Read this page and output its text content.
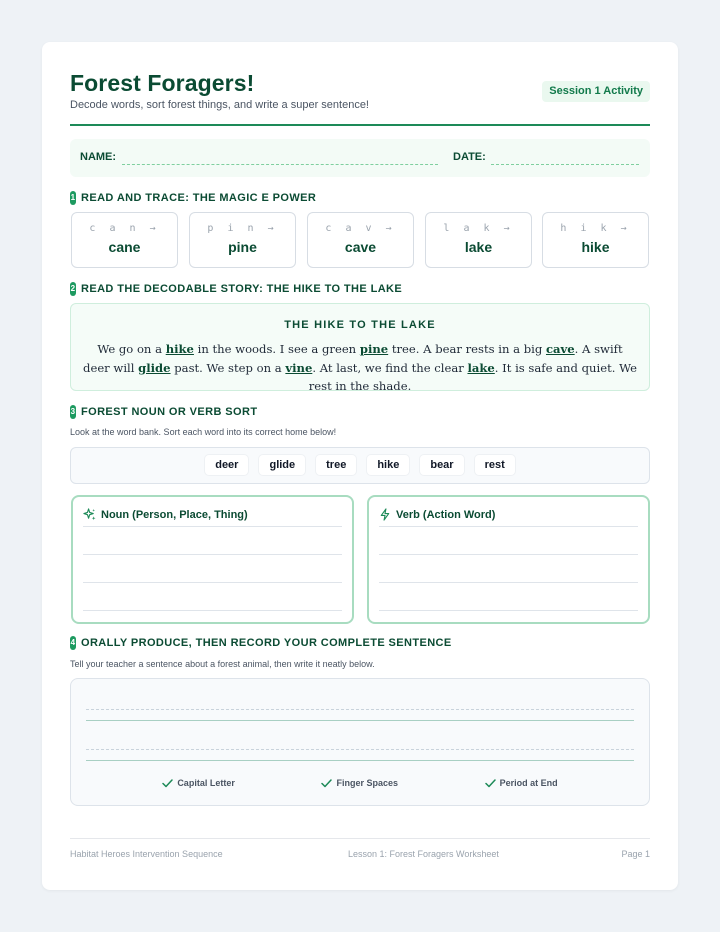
Forest Foragers!
Decode words, sort forest things, and write a super sentence!
Session 1 Activity
NAME:	DATE:
1 READ AND TRACE: THE MAGIC E POWER
c a n →
cane
p i n →
pine
c a v →
cave
l a k →
lake
h i k →
hike
2 READ THE DECODABLE STORY: THE HIKE TO THE LAKE
THE HIKE TO THE LAKE
We go on a hike in the woods. I see a green pine tree. A bear rests in a big cave. A swift deer will glide past. We step on a vine. At last, we find the clear lake. It is safe and quiet. We rest in the shade.
3 FOREST NOUN OR VERB SORT
Look at the word bank. Sort each word into its correct home below!
deer	glide	tree	hike	bear	rest
Noun (Person, Place, Thing)	Verb (Action Word)
4 ORALLY PRODUCE, THEN RECORD YOUR COMPLETE SENTENCE
Tell your teacher a sentence about a forest animal, then write it neatly below.
Capital Letter	Finger Spaces	Period at End
Habitat Heroes Intervention Sequence	Lesson 1: Forest Foragers Worksheet	Page 1
